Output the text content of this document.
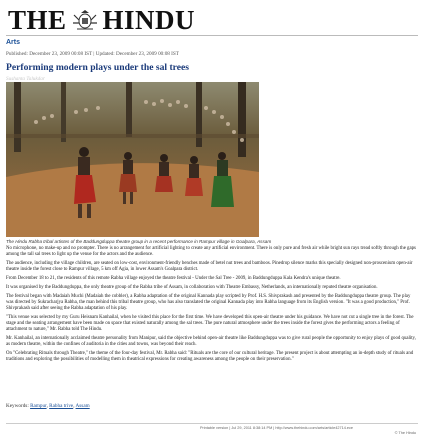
THE HINDU
Arts
Published: December 23, 2009 00:08 IST | Updated: December 23, 2009 00:08 IST
Performing modern plays under the sal trees
Sushanta Talukdar
The Hindu Rabha tribal artistes of the Baddungduppa theatre group in a recent performance in Rampur village in Goalpara, Assam

No microphone, no make-up and no prompter. There is no arrangement for artificial lighting to create any artificial environment. There is only pure and fresh air while bright sun rays tread softly through the gaps among the tall sal trees to light up the venue for the actors and the audience.

The audience, including the village children, are seated on low-cost, environment-friendly benches made of betel nut trees and bamboos. Pinedrop silence marks this specially designed non-proscenium open-air theatre inside the forest close to Rampur village, 5 km off Agia, in lower Assam's Goalpara district.

From December 18 to 21, the residents of this remote Rabha village enjoyed the theatre festival - Under the Sal Tree - 2009, in Baddungduppa Kala Kendra's unique theatre.

It was organised by the Baddungduppa, the only theatre group of the Rabha tribe of Assam, in collaboration with Theatre Embassy, Netherlands, an internationally reputed theatre organisation.

The festival began with Madaiah Muchi (Madaiah the cobbler), a Rabha adaptation of the original Kannada play scripted by Prof. H.S. Shivprakash and presented by the Baddungduppa theatre group. The play was directed by Sukracharjya Rabha, the man behind this tribal theatre group, who has also translated the original Kannada play into Rabha language from its English version. "It was a good production," Prof. Shivprakash said after seeing the Rabha adaptation of his play.

"This venue was selected by my Guru Heisnam Kanhailal, when he visited this place for the first time. We have developed this open-air theatre under his guidance. We have not cut a single tree in the forest. The stage and the seating arrangement have been made on space that existed naturally among the sal trees. The pure natural atmosphere under the trees inside the forest gives the performing actors a feeling of attachment to nature," Mr. Rabha told The Hindu.

Mr. Kanhailal, an internationally acclaimed theatre personality from Manipur, said the objective behind open-air theatre like Baddungduppa was to give rural people the opportunity to enjoy plays of good quality, as modern theatre, within the confines of auditoria in the cities and towns, was beyond their reach.

On "Celebrating Rituals through Theatre," the theme of the four-day festival, Mr. Rabha said: "Rituals are the core of our cultural heritage. The present project is about attempting an in-depth study of rituals and traditions and exploring the possibilities of modelling them in theatrical expressions for creating awareness among the people on their preservation."

Keywords: Rampur, Rabha trive, Assam
Printable version | Jul 29, 2011 8:38:14 PM | http://www.thehindu.com/arts/article42714.ece
© The Hindu
